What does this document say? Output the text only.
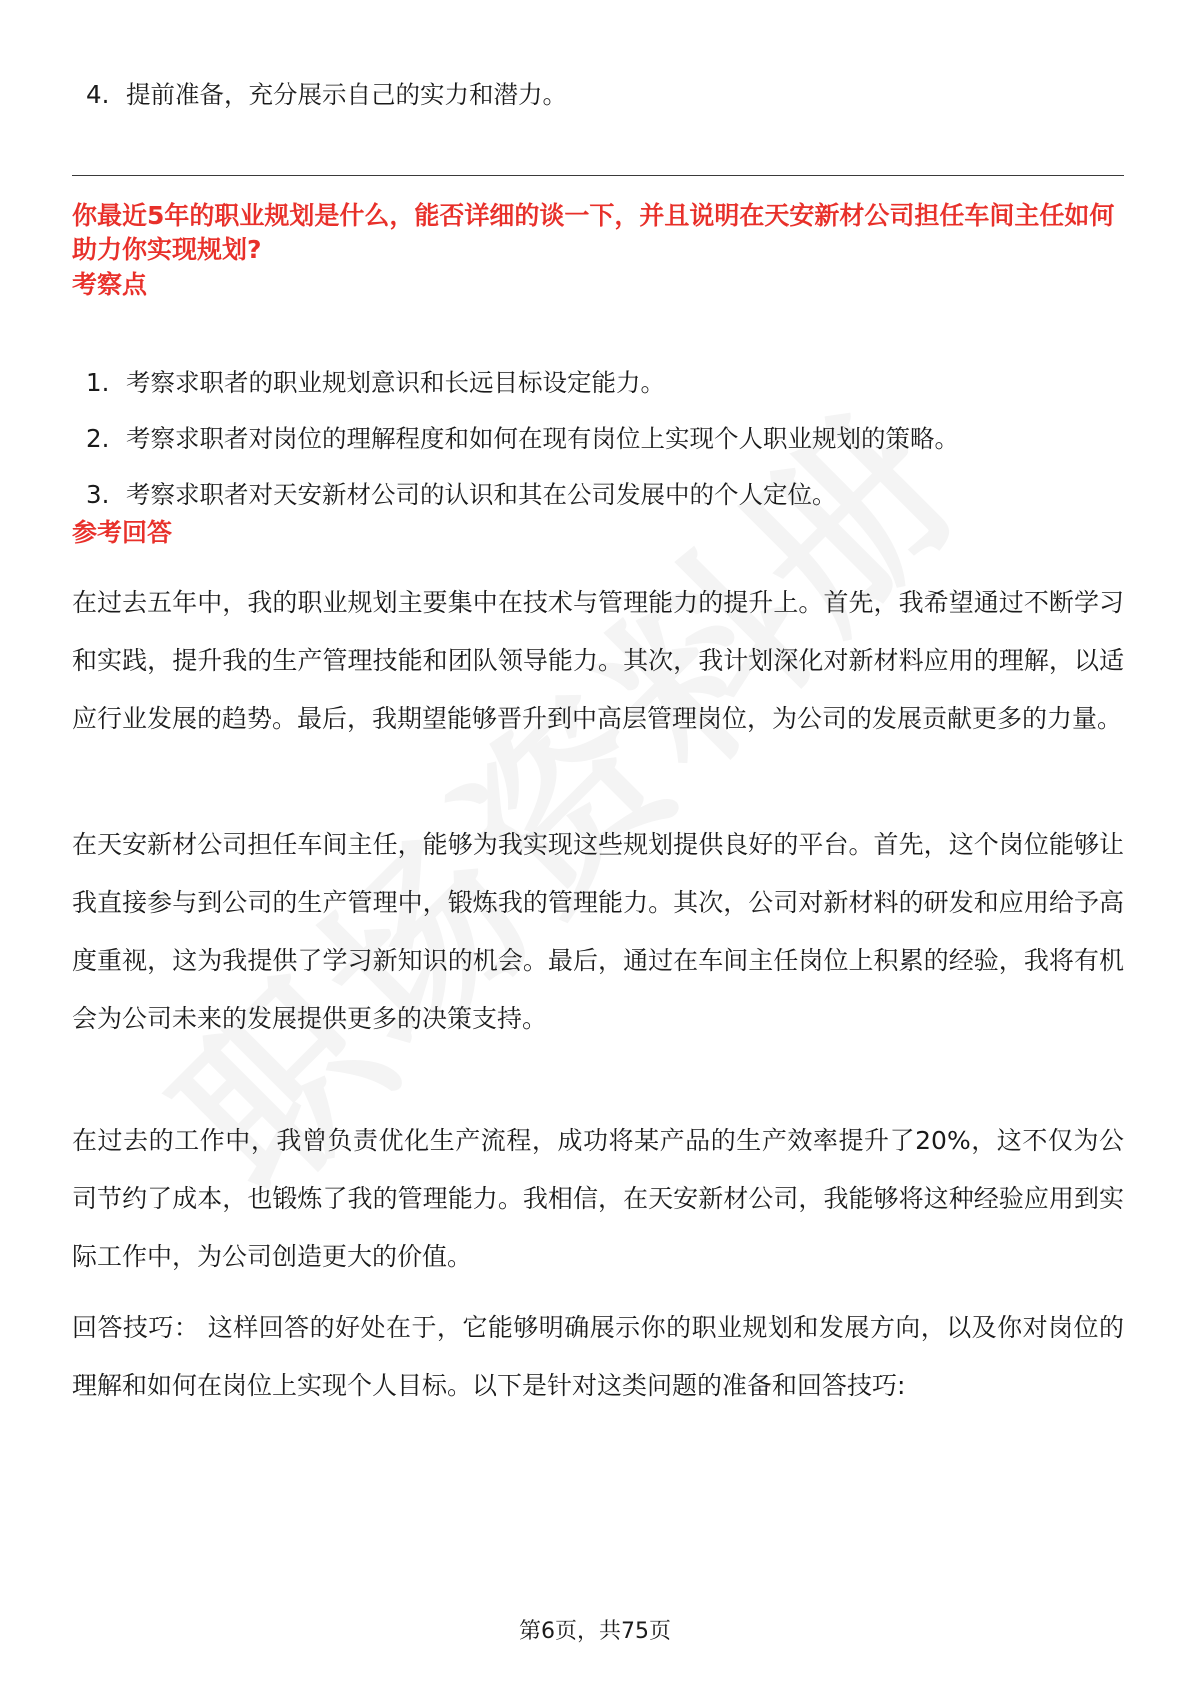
4. 提前准备，充分展示自己的实力和潜力。
你最近5年的职业规划是什么，能否详细的谈一下，并且说明在天安新材公司担任车间主任如何助力你实现规划?
考察点
1. 考察求职者的职业规划意识和长远目标设定能力。
2. 考察求职者对岗位的理解程度和如何在现有岗位上实现个人职业规划的策略。
3. 考察求职者对天安新材公司的认识和其在公司发展中的个人定位。
参考回答

在过去五年中，我的职业规划主要集中在技术与管理能力的提升上。首先，我希望通过不断学习和实践，提升我的生产管理技能和团队领导能力。其次，我计划深化对新材料应用的理解，以适应行业发展的趋势。最后，我期望能够晋升到中高层管理岗位，为公司的发展贡献更多的力量。

在天安新材公司担任车间主任，能够为我实现这些规划提供良好的平台。首先，这个岗位能够让我直接参与到公司的生产管理中，锻炼我的管理能力。其次，公司对新材料的研发和应用给予高度重视，这为我提供了学习新知识的机会。最后，通过在车间主任岗位上积累的经验，我将有机会为公司未来的发展提供更多的决策支持。

在过去的工作中，我曾负责优化生产流程，成功将某产品的生产效率提升了20%，这不仅为公司节约了成本，也锻炼了我的管理能力。我相信，在天安新材公司，我能够将这种经验应用到实际工作中，为公司创造更大的价值。

回答技巧： 这样回答的好处在于，它能够明确展示你的职业规划和发展方向，以及你对岗位的理解和如何在岗位上实现个人目标。以下是针对这类问题的准备和回答技巧:

第6页，共75页
